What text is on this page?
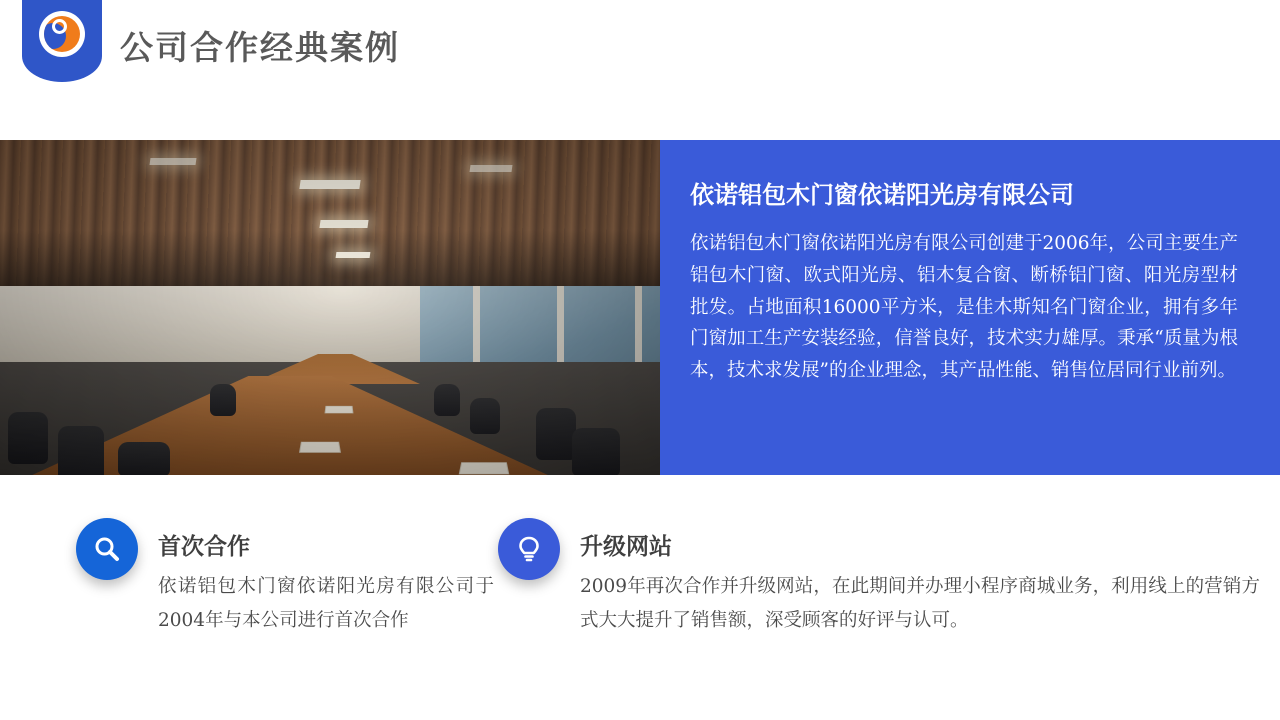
公司合作经典案例
依诺铝包木门窗依诺阳光房有限公司

依诺铝包木门窗依诺阳光房有限公司创建于2006年，公司主要生产铝包木门窗、欧式阳光房、铝木复合窗、断桥铝门窗、阳光房型材批发。占地面积16000平方米，是佳木斯知名门窗企业，拥有多年门窗加工生产安装经验，信誉良好，技术实力雄厚。秉承“质量为根本，技术求发展”的企业理念，其产品性能、销售位居同行业前列。

首次合作
依诺铝包木门窗依诺阳光房有限公司于2004年与本公司进行首次合作
升级网站
2009年再次合作并升级网站，在此期间并办理小程序商城业务，利用线上的营销方式大大提升了销售额，深受顾客的好评与认可。
